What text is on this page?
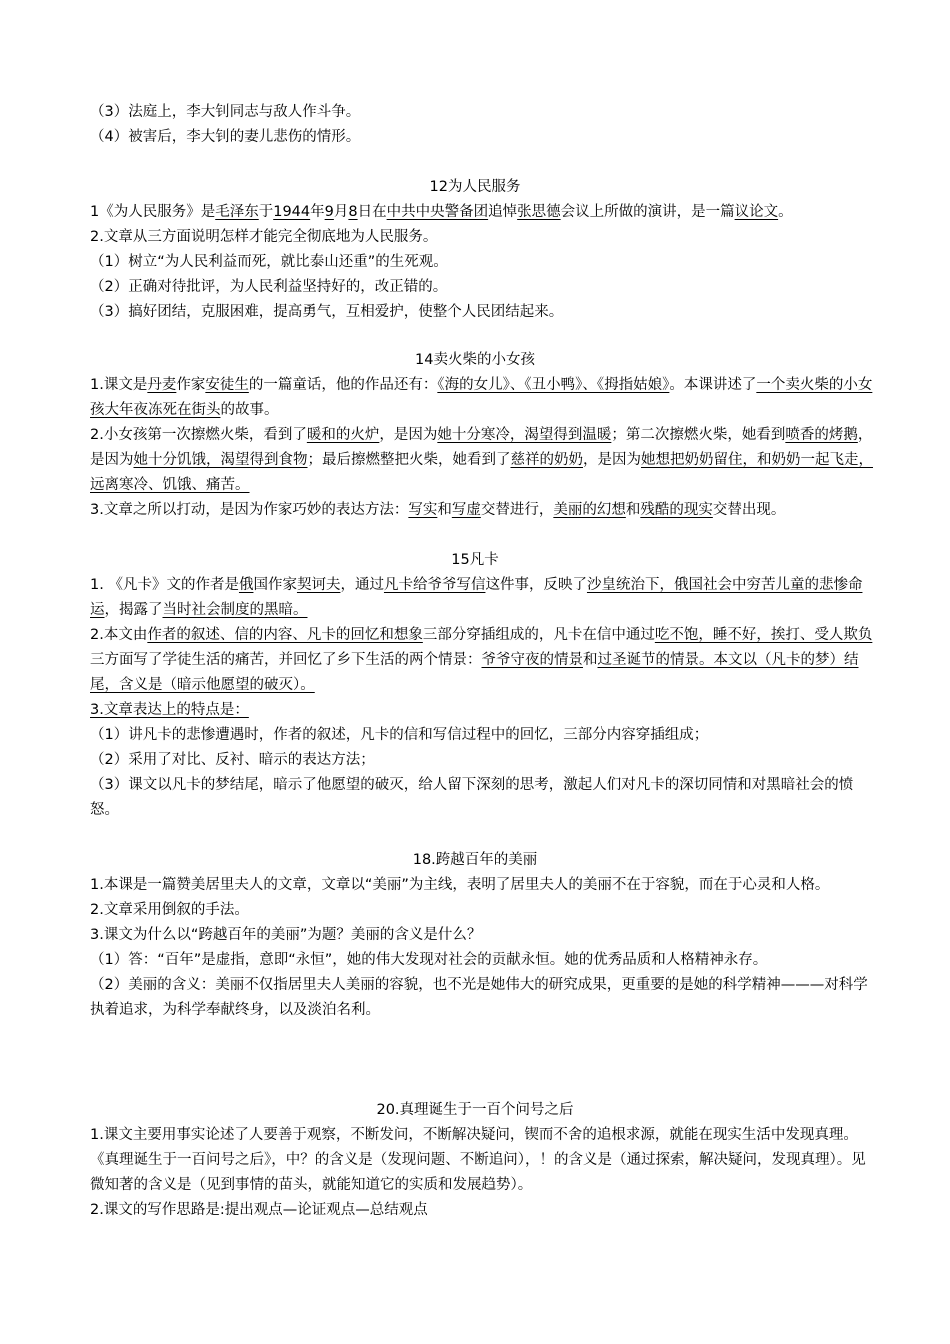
（3）法庭上，李大钊同志与敌人作斗争。

（4）被害后，李大钊的妻儿悲伤的情形。

12为人民服务

1《为人民服务》是毛泽东于1944年9月8日在中共中央警备团追悼张思德会议上所做的演讲，是一篇议论文。

2.文章从三方面说明怎样才能完全彻底地为人民服务。

（1）树立“为人民利益而死，就比泰山还重”的生死观。

（2）正确对待批评，为人民利益坚持好的，改正错的。

（3）搞好团结，克服困难，提高勇气，互相爱护，使整个人民团结起来。

14卖火柴的小女孩

1.课文是丹麦作家安徒生的一篇童话，他的作品还有：《海的女儿》、《丑小鸭》、《拇指姑娘》。本课讲述了一个卖火柴的小女孩大年夜冻死在街头的故事。

2.小女孩第一次擦燃火柴，看到了暖和的火炉，是因为她十分寒冷，渴望得到温暖；第二次擦燃火柴，她看到喷香的烤鹅，是因为她十分饥饿，渴望得到食物；最后擦燃整把火柴，她看到了慈祥的奶奶，是因为她想把奶奶留住，和奶奶一起飞走，远离寒冷、饥饿、痛苦。

3.文章之所以打动，是因为作家巧妙的表达方法：写实和写虚交替进行，美丽的幻想和残酷的现实交替出现。

15凡卡

1. 《凡卡》文的作者是俄国作家契诃夫，通过凡卡给爷爷写信这件事，反映了沙皇统治下，俄国社会中穷苦儿童的悲惨命运，揭露了当时社会制度的黑暗。

2.本文由作者的叙述、信的内容、凡卡的回忆和想象三部分穿插组成的，凡卡在信中通过吃不饱，睡不好，挨打、受人欺负三方面写了学徒生活的痛苦，并回忆了乡下生活的两个情景：爷爷守夜的情景和过圣诞节的情景。本文以（凡卡的梦）结尾，含义是（暗示他愿望的破灭）。

3.文章表达上的特点是：

（1）讲凡卡的悲惨遭遇时，作者的叙述，凡卡的信和写信过程中的回忆，三部分内容穿插组成；

（2）采用了对比、反衬、暗示的表达方法；

（3）课文以凡卡的梦结尾，暗示了他愿望的破灭，给人留下深刻的思考，激起人们对凡卡的深切同情和对黑暗社会的愤怒。

18.跨越百年的美丽

1.本课是一篇赞美居里夫人的文章，文章以“美丽”为主线，表明了居里夫人的美丽不在于容貌，而在于心灵和人格。

2.文章采用倒叙的手法。

3.课文为什么以“跨越百年的美丽”为题？美丽的含义是什么？

（1）答：“百年”是虚指，意即“永恒”，她的伟大发现对社会的贡献永恒。她的优秀品质和人格精神永存。

（2）美丽的含义：美丽不仅指居里夫人美丽的容貌，也不光是她伟大的研究成果，更重要的是她的科学精神———对科学执着追求，为科学奉献终身，以及淡泊名利。

20.真理诞生于一百个问号之后

1.课文主要用事实论述了人要善于观察，不断发问，不断解决疑问，锲而不舍的追根求源，就能在现实生活中发现真理。

《真理诞生于一百问号之后》，中？的含义是（发现问题、不断追问），！的含义是（通过探索，解决疑问，发现真理）。见微知著的含义是（见到事情的苗头，就能知道它的实质和发展趋势）。

2.课文的写作思路是:提出观点—论证观点—总结观点
